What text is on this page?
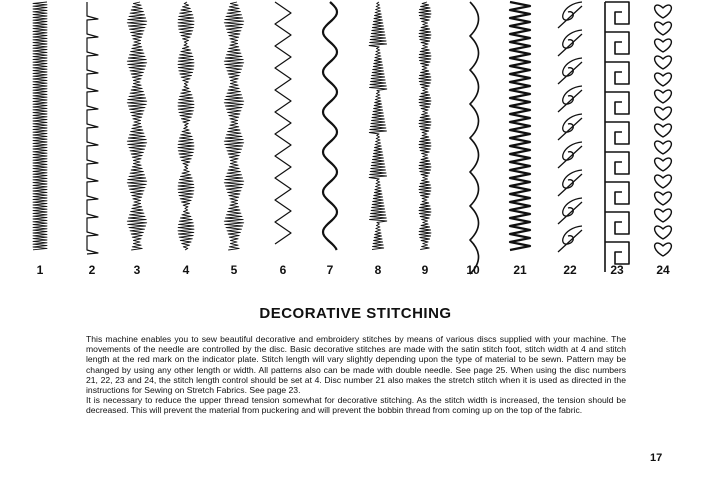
1	2	3	4	5	6	7	8	9	10	21	22	23	24
DECORATIVE STITCHING

This machine enables you to sew beautiful decorative and embroidery stitches by means of various discs supplied with your machine. The movements of the needle are controlled by the disc. Basic decorative stitches are made with the satin stitch foot, stitch width at 4 and stitch length at the red mark on the indicator plate. Stitch length will vary slightly depending upon the type of material to be sewn. Pattern may be changed by using any other length or width. All patterns also can be made with double needle. See page 25. When using the disc numbers 21, 22, 23 and 24, the stitch length control should be set at 4. Disc number 21 also makes the stretch stitch when it is used as directed in the instructions for Sewing on Stretch Fabrics. See page 23.

It is necessary to reduce the upper thread tension somewhat for decorative stitching. As the stitch width is increased, the tension should be decreased. This will prevent the material from puckering and will prevent the bobbin thread from coming up on the top of the fabric.

17
